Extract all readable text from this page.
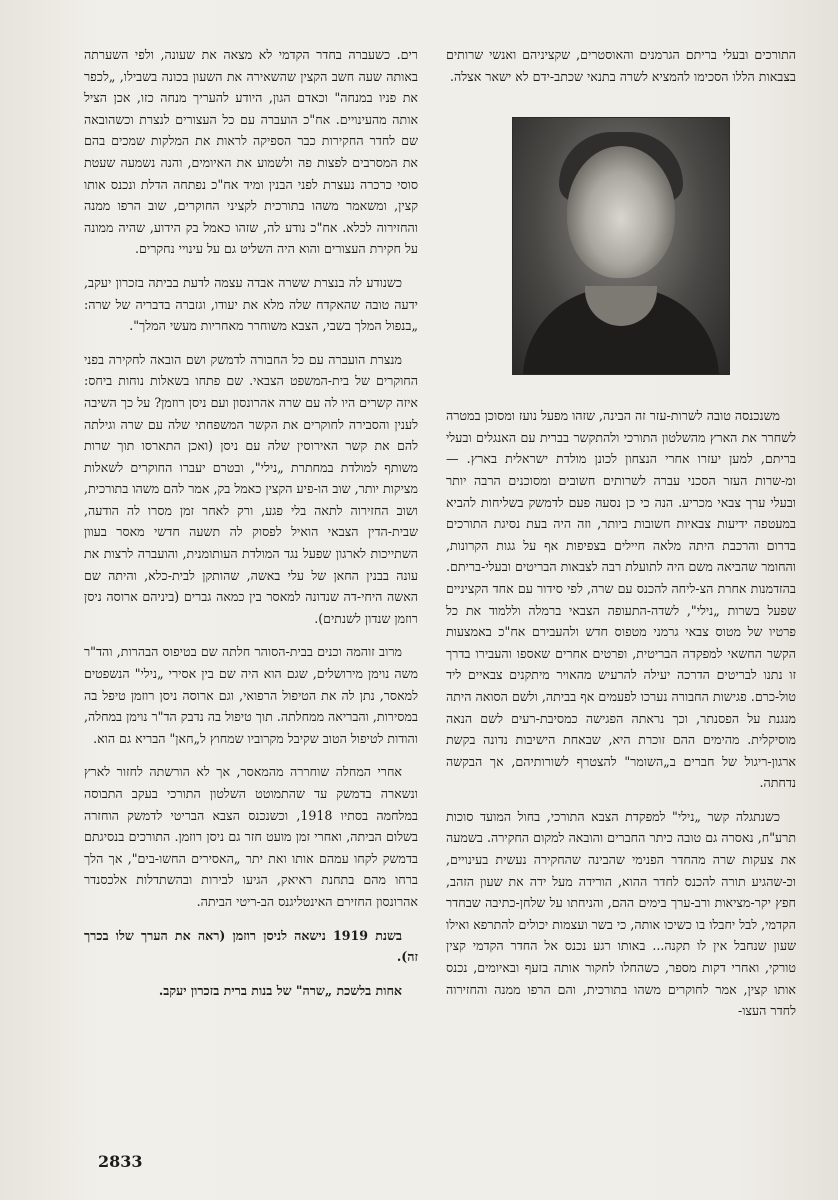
התורכים ובעלי בריתם הגרמנים והאוסטרים, שקציניהם ואנשי שרותים בצבאות הללו הסכימו להמציא לשרה בתנאי שכתב-ידם לא ישאר אצלה.

משנכנסה טובה לשרות-עזר זה הבינה, שזהו מפעל נועז ומסוכן במטרה לשחרר את הארץ מהשלטון התורכי ולהתקשר בברית עם האנגלים ובעלי בריתם, למען יעזרו אחרי הנצחון לכונן מולדת ישראלית בארץ. — ומ-שרות העזר הסכני עברה לשרותים חשובים ומסוכנים הרבה יותר ובעלי ערך צבאי מכריע. הנה כי כן נסעה פעם לדמשק בשליחות להביא במעטפה ידיעות צבאיות חשובות ביותר, וזה היה בעת נסיגת התורכים בדרום והרכבת היתה מלאה חיילים בצפיפות אף על גגות הקרונות, והחומר שהביאה משם היה לתועלת רבה לצבאות הבריטים ובעלי-בריתם. בהזדמנות אחרת הצ-ליחה להכנס עם שרה, לפי סידור עם אחד הקציניים שפעל בשרות „נילי", לשדה-התעופה הצבאי ברמלה וללמוד את כל פרטיו של מטוס צבאי גרמני מטפוס חדש ולהעבירם אח"כ באמצעות הקשר החשאי למפקדה הבריטית, ופרטים אחרים שאספו והעבירו בדרך זו נתנו לבריטים הדרכה יעילה להרעיש מהאויר מיתקנים צבאיים ליד טול-כרם. פגישות החבורה נערכו לפעמים אף בביתה, ולשם הסואה היתה מנגנת על הפסנתר, וכך נראתה הפגישה כמסיבת-רעים לשם הנאה מוסיקלית. מהימים ההם זוכרת היא, שבאחת הישיבות נדונה בקשת ארגון-ריגול של חברים ב„השומר" להצטרף לשורותיהם, אך הבקשה נדחתה.

כשנתגלה קשר „נילי" למפקדת הצבא התורכי, בחול המועד סוכות תרע"ח, נאסרה גם טובה כיתר החברים והובאה למקום החקירה. בשמעה את צעקות שרה מהחדר הפנימי שהבינה שהחקירה נעשית בעינויים, וכ-שהגיע תורה להכנס לחדר ההוא, הורידה מעל ידה את שעון הזהב, חפץ יקר-מציאות ורב-ערך בימים ההם, והניחתו על שלחן-כתיבה שבחדר הקדמי, לבל יחבלו בו כשיכו אותה, כי בשר ועצמות יכולים להתרפא ואילו שעון שנחבל אין לו תקנה... באותו רגע נכנס אל החדר הקדמי קצין טורקי, ואחרי דקות מספר, כשהחלו לחקור אותה בזעף ובאיומים, נכנס אותו קצין, אמר לחוקרים משהו בתורכית, והם הרפו ממנה והחזירוה לחדר העצו-

רים. כשעברה בחדר הקדמי לא מצאה את שעונה, ולפי השערתה באותה שעה חשב הקצין שהשאירה את השעון בכונה בשבילו, „לכפר את פניו במנחה" וכאדם הגון, היודע להעריך מנחה כזו, אכן הציל אותה מהעינויים. אח"כ הועברה עם כל העצורים לנצרת וכשהובאה שם לחדר החקירות כבר הספיקה לראות את המלקות שמכים בהם את המסרבים לפצות פה ולשמוע את האיומים, והנה נשמעה שעטת סוסי כרכרה נעצרת לפני הבנין ומיד אח"כ נפתחה הדלת ונכנס אותו קצין, ומשאמר משהו בתורכית לקציני החוקרים, שוב הרפו ממנה והחזירוה לכלא. אח"כ נודע לה, שזהו כאמל בק הידוע, שהיה ממונה על חקירת העצורים והוא היה השליט גם על עינויי נחקרים.

כשנודע לה בנצרת ששרה אבדה עצמה לדעת בביתה בזכרון יעקב, ידעה טובה שהאקדח שלה מלא את יעודו, וגזברה בדבריה של שרה: „בנפול המלך בשבי, הצבא משוחרר מאחריות מעשי המלך".

מנצרת הועברה עם כל החבורה לדמשק ושם הובאה לחקירה בפני החוקרים של בית-המשפט הצבאי. שם פתחו בשאלות נוחות ביחס: איזה קשרים היו לה עם שרה אהרונסון ועם ניסן רוזמן? על כך השיבה לענין והסבירה לחוקרים את הקשר המשפחתי שלה עם שרה וגילתה להם את קשר האירוסין שלה עם ניסן (ואכן התארסו תוך שרות משותף למולדת במחתרת „נילי", ובטרם יעברו החוקרים לשאלות מציקות יותר, שוב הו-פיע הקצין כאמל בק, אמר להם משהו בתורכית, ושוב החזירוה לתאה בלי פגע, ורק לאחר זמן מסרו לה הודעה, שבית-הדין הצבאי הואיל לפסוק לה תשעה חדשי מאסר בעוון השתייכות לארגון שפעל נגד המולדת העותומנית, והועברה לרצות את עונה בבנין החאן של עלי באשה, שהותקן לבית-כלא, והיתה שם האשה היחי-דה שנדונה למאסר בין כמאה גברים (ביניהם ארוסה ניסן רוזמן שנדון לשנתים).

מרוב זוהמה וכנים בבית-הסוהר חלתה שם בטיפוס הבהרות, והד"ר משה נוימן מירושלים, שגם הוא היה שם בין אסירי „נילי" הנשפטים למאסר, נתן לה את הטיפול הרפואי, וגם ארוסה ניסן רוזמן טיפל בה במסירות, והבריאה ממחלתה. תוך טיפול בה נדבק הד"ר נוימן במחלה, והודות לטיפול הטוב שקיבל מקרוביו שמחוץ ל„חאן" הבריא גם הוא.

אחרי המחלה שוחררה מהמאסר, אך לא הורשתה לחזור לארץ ונשארה בדמשק עד שהתמוטט השלטון התורכי בעקב התבוסה במלחמה בסתיו 1918, וכשנכנס הצבא הבריטי לדמשק הוחזרה בשלום הביתה, ואחרי זמן מועט חזר גם ניסן רוזמן. התורכים בנסיגתם בדמשק לקחו עמהם אותו ואת יתר „האסירים החשו-בים", אך הלך ברחו מהם בתחנת ראיאק, הגיעו לבירות ובהשתדלות אלכסנדר אהרונסון החזירם האינטליגנס הב-ריטי הביתה.

בשנת 1919 נישאה לניסן רוזמן (ראה את הערך שלו בכרך זה).

אחות בלשכת „שרה" של בנות ברית בזכרון יעקב.

2833
